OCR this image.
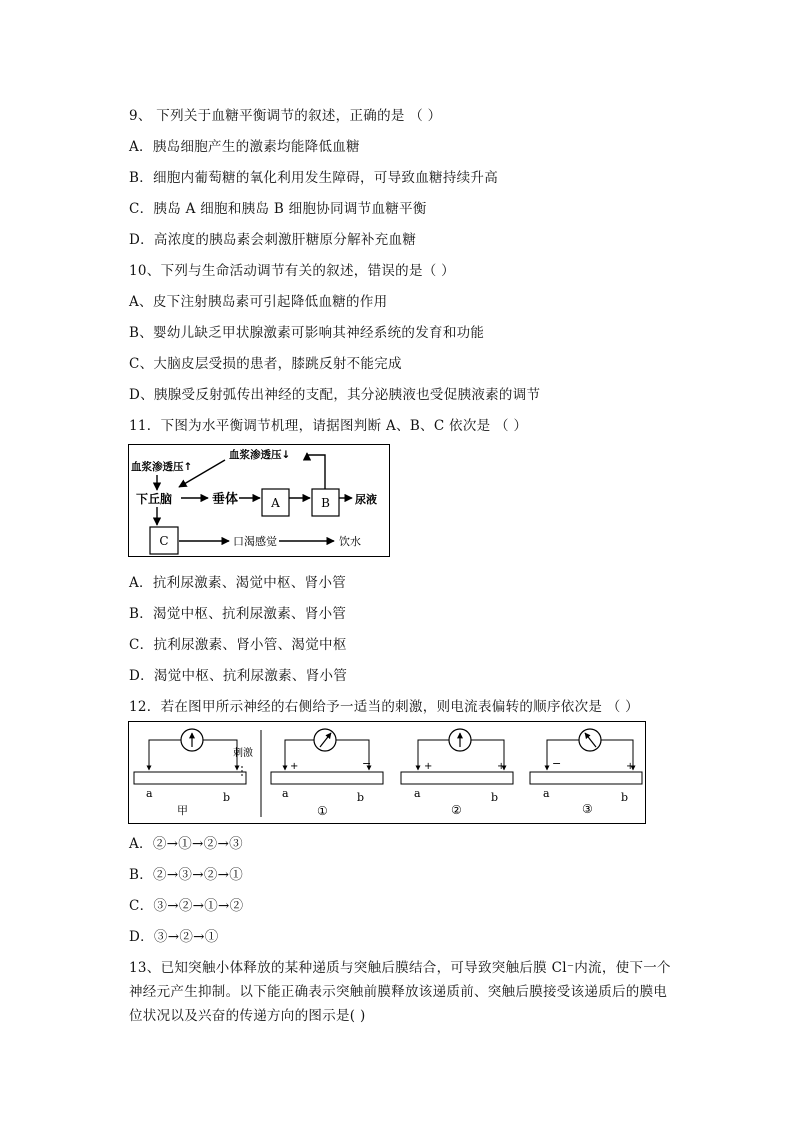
9、 下列关于血糖平衡调节的叙述，正确的是 （ ）
A．胰岛细胞产生的激素均能降低血糖
B．细胞内葡萄糖的氧化利用发生障碍，可导致血糖持续升高
C．胰岛 A 细胞和胰岛 B 细胞协同调节血糖平衡
D．高浓度的胰岛素会刺激肝糖原分解补充血糖
10、下列与生命活动调节有关的叙述，错误的是（ ）
A、皮下注射胰岛素可引起降低血糖的作用
B、婴幼儿缺乏甲状腺激素可影响其神经系统的发育和功能
C、大脑皮层受损的患者，膝跳反射不能完成
D、胰腺受反射弧传出神经的支配，其分泌胰液也受促胰液素的调节
11．下图为水平衡调节机理，请据图判断 A、B、C 依次是 （ ）
血浆渗透压↑
血浆渗透压↓
下丘脑	垂体	尿液
口渴感觉	饮水
A	B
C
A．抗利尿激素、渴觉中枢、肾小管
B．渴觉中枢、抗利尿激素、肾小管
C．抗利尿激素、肾小管、渴觉中枢
D．渴觉中枢、抗利尿激素、肾小管
12．若在图甲所示神经的右侧给予一适当的刺激，则电流表偏转的顺序依次是 （ ）
刺激
a	b
甲
+	−
a	b
①
+	+
a	b
②
−	+
a	b
③
A．②→①→②→③
B．②→③→②→①
C．③→②→①→②
D．③→②→①
13、已知突触小体释放的某种递质与突触后膜结合，可导致突触后膜 Cl⁻内流，使下一个
神经元产生抑制。以下能正确表示突触前膜释放该递质前、突触后膜接受该递质后的膜电
位状况以及兴奋的传递方向的图示是( )
